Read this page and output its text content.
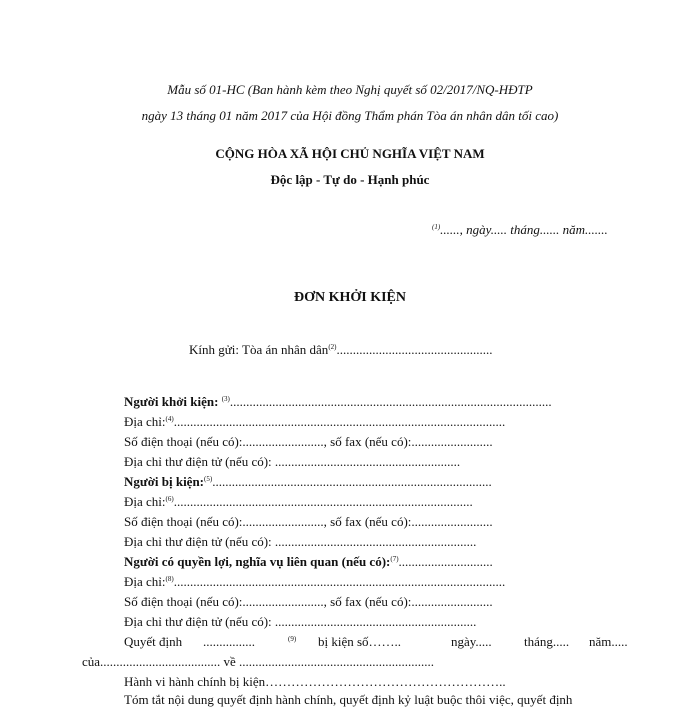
Mẫu số 01-HC (Ban hành kèm theo Nghị quyết số 02/2017/NQ-HĐTP
ngày 13 tháng 01 năm 2017 của Hội đồng Thẩm phán Tòa án nhân dân tối cao)
CỘNG HÒA XÃ HỘI CHỦ NGHĨA VIỆT NAM
Độc lập - Tự do - Hạnh phúc
$^{(1)}$......, ngày..... tháng...... năm.......
ĐƠN KHỞI KIỆN
Kính gửi: Tòa án nhân dân$^{(2)}$................................................
Người khởi kiện: $^{(3)}$...................................................................................................
Địa chỉ:$^{(4)}$......................................................................................................
Số điện thoại (nếu có):........................., số fax (nếu có):.........................
Địa chỉ thư điện tử (nếu có): .........................................................
Người bị kiện:$^{(5)}$......................................................................................
Địa chỉ:$^{(6)}$............................................................................................
Số điện thoại (nếu có):........................., số fax (nếu có):.........................
Địa chỉ thư điện tử (nếu có): ..............................................................
Người có quyền lợi, nghĩa vụ liên quan (nếu có):$^{(7)}$.............................
Địa chỉ:$^{(8)}$......................................................................................................
Số điện thoại (nếu có):........................., số fax (nếu có):.........................
Địa chỉ thư điện tử (nếu có): ..............................................................
Quyết định ................	$^{(9)}$ bị kiện số……..	ngày..... tháng..... năm.....
của..................................... về ............................................................
Hành vi hành chính bị kiện………………………………………………..
Tóm tắt nội dung quyết định hành chính, quyết định kỷ luật buộc thôi việc, quyết định
